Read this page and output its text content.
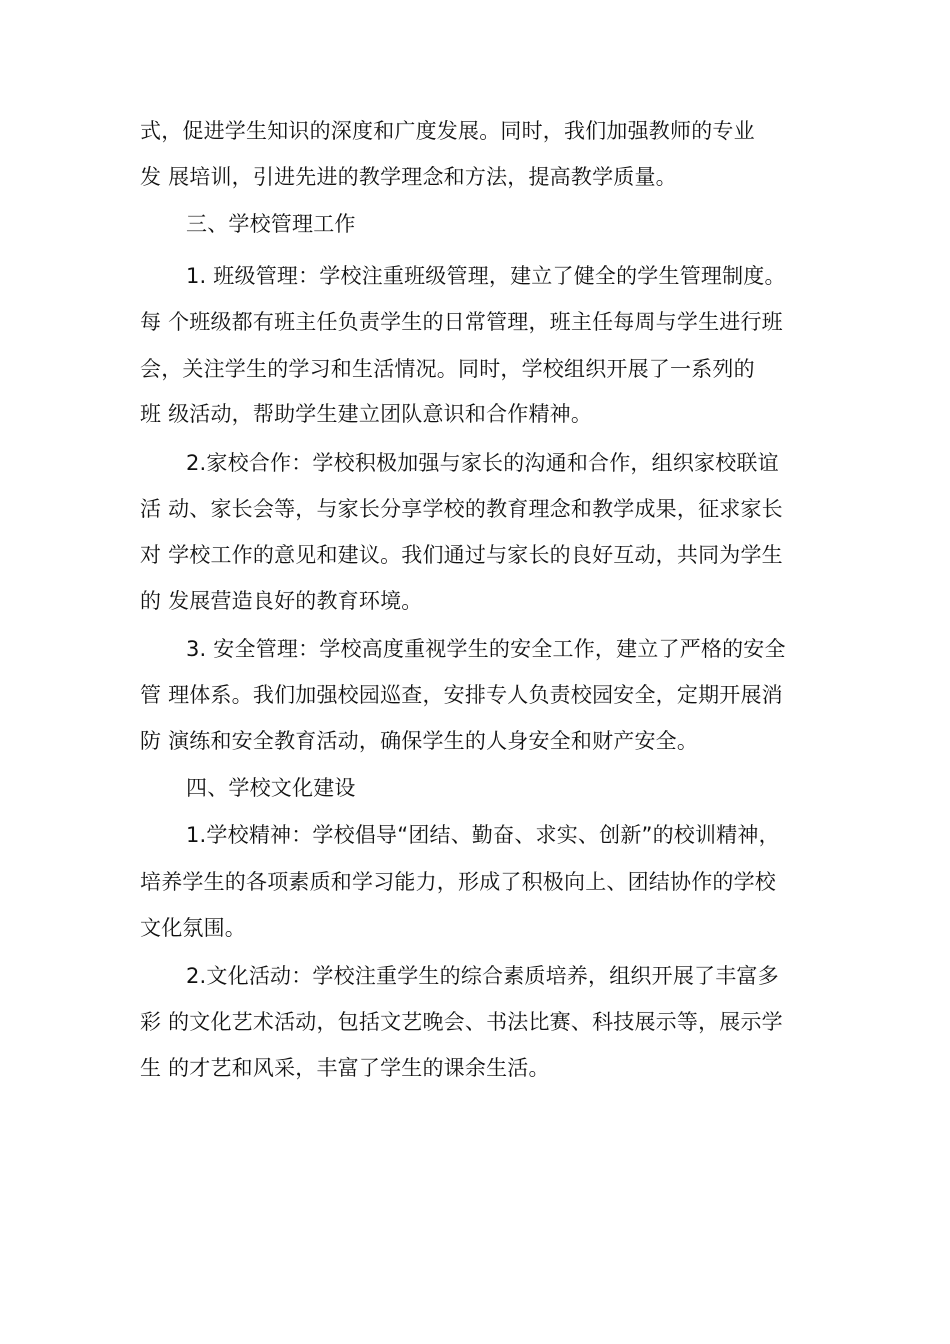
式，促进学生知识的深度和广度发展。同时，我们加强教师的专业
发 展培训，引进先进的教学理念和方法，提高教学质量。
三、学校管理工作
1. 班级管理：学校注重班级管理，建立了健全的学生管理制度。
每 个班级都有班主任负责学生的日常管理，班主任每周与学生进行班
会，关注学生的学习和生活情况。同时，学校组织开展了一系列的
班 级活动，帮助学生建立团队意识和合作精神。
2.家校合作：学校积极加强与家长的沟通和合作，组织家校联谊
活 动、家长会等，与家长分享学校的教育理念和教学成果，征求家长
对 学校工作的意见和建议。我们通过与家长的良好互动，共同为学生
的 发展营造良好的教育环境。
3. 安全管理：学校高度重视学生的安全工作，建立了严格的安全
管 理体系。我们加强校园巡查，安排专人负责校园安全，定期开展消
防 演练和安全教育活动，确保学生的人身安全和财产安全。
四、学校文化建设
1.学校精神：学校倡导“团结、勤奋、求实、创新”的校训精神，
培养学生的各项素质和学习能力，形成了积极向上、团结协作的学校
文化氛围。
2.文化活动：学校注重学生的综合素质培养，组织开展了丰富多
彩 的文化艺术活动，包括文艺晚会、书法比赛、科技展示等，展示学
生 的才艺和风采，丰富了学生的课余生活。
